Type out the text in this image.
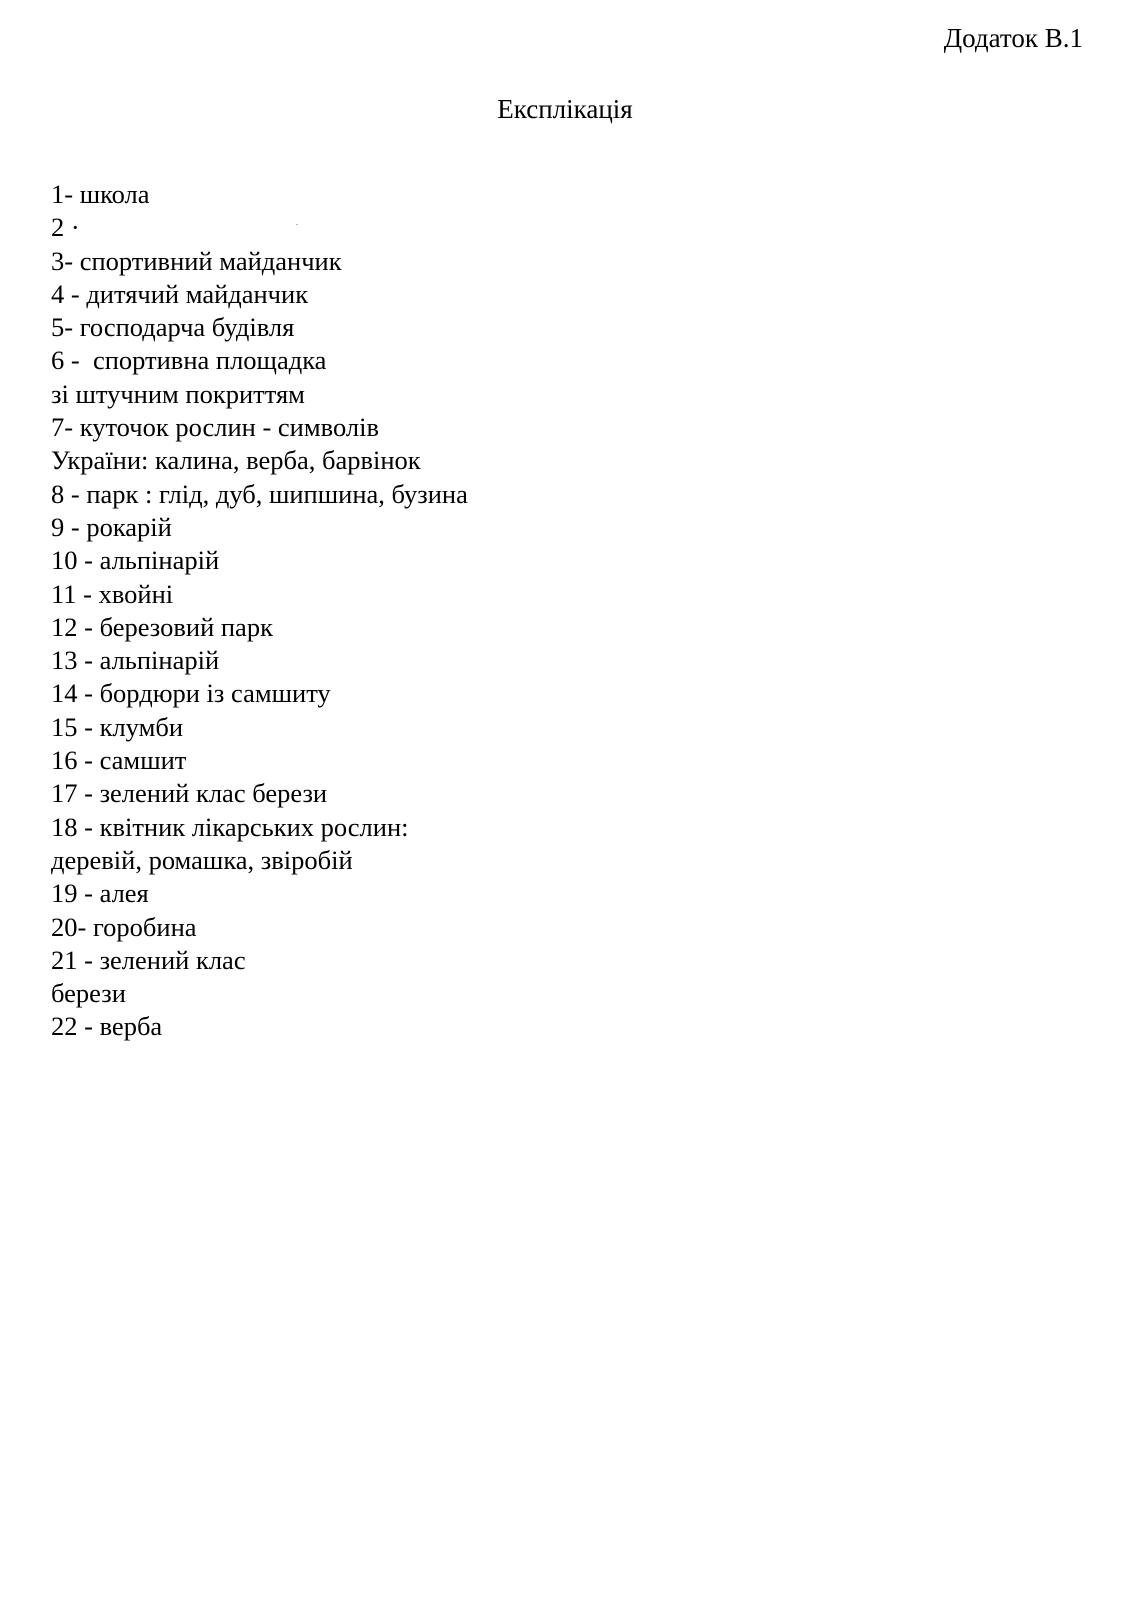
Додаток В.1
Експлікація
1- школа
2 ·
3- спортивний майданчик
4 - дитячий майданчик
5- господарча будівля
6 -  спортивна площадка
зі штучним покриттям
7- куточок рослин - символів
України: калина, верба, барвінок
8 - парк : глід, дуб, шипшина, бузина
9 - рокарій
10 - альпінарій
11 - хвойні
12 - березовий парк
13 - альпінарій
14 - бордюри із самшиту
15 - клумби
16 - самшит
17 - зелений клас берези
18 - квітник лікарських рослин:
деревій, ромашка, звіробій
19 - алея
20- горобина
21 - зелений клас
берези
22 - верба
